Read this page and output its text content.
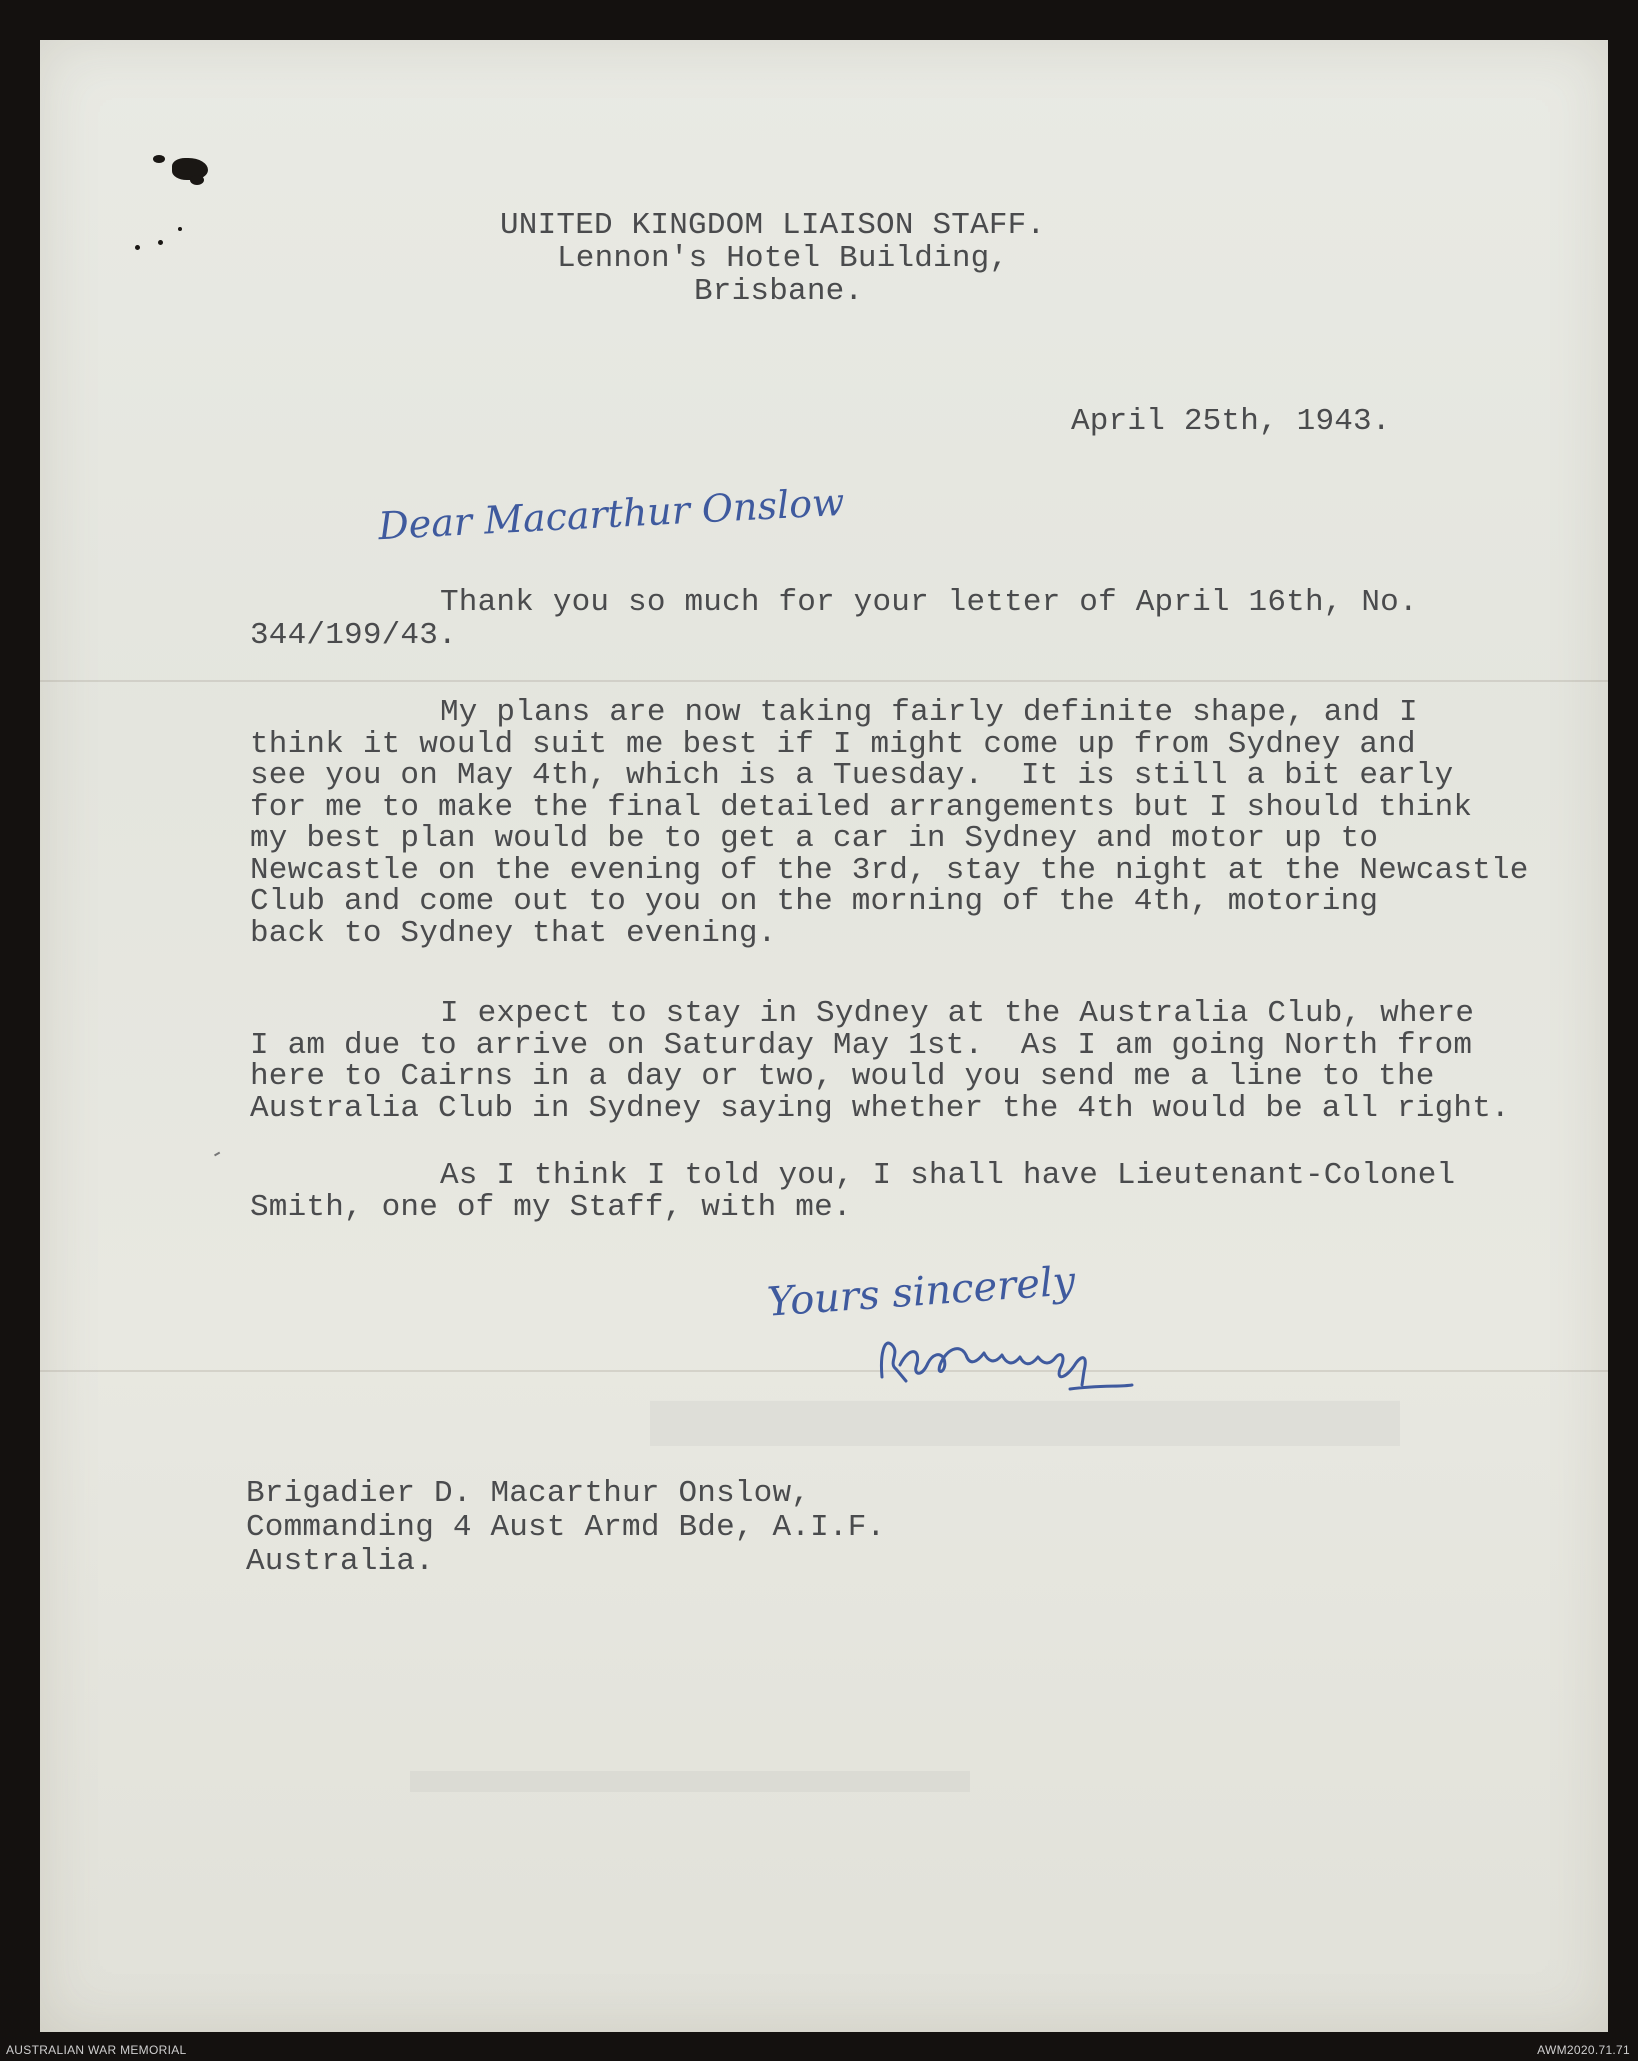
▬▬▬▬▬
▬▬▬▬▬▬▬▬
UNITED KINGDOM LIAISON STAFF.
Lennon's Hotel Building,
Brisbane.
April 25th, 1943.
Dear Macarthur Onslow
Thank you so much for your letter of April 16th, No.
344/199/43.
My plans are now taking fairly definite shape, and I
think it would suit me best if I might come up from Sydney and
see you on May 4th, which is a Tuesday.  It is still a bit early
for me to make the final detailed arrangements but I should think
my best plan would be to get a car in Sydney and motor up to
Newcastle on the evening of the 3rd, stay the night at the Newcastle
Club and come out to you on the morning of the 4th, motoring
back to Sydney that evening.
I expect to stay in Sydney at the Australia Club, where
I am due to arrive on Saturday May 1st.  As I am going North from
here to Cairns in a day or two, would you send me a line to the
Australia Club in Sydney saying whether the 4th would be all right.
As I think I told you, I shall have Lieutenant-Colonel
Smith, one of my Staff, with me.
Yours sincerely
Brigadier D. Macarthur Onslow,
Commanding 4 Aust Armd Bde, A.I.F.
Australia.
AUSTRALIAN WAR MEMORIAL	AWM2020.71.71
